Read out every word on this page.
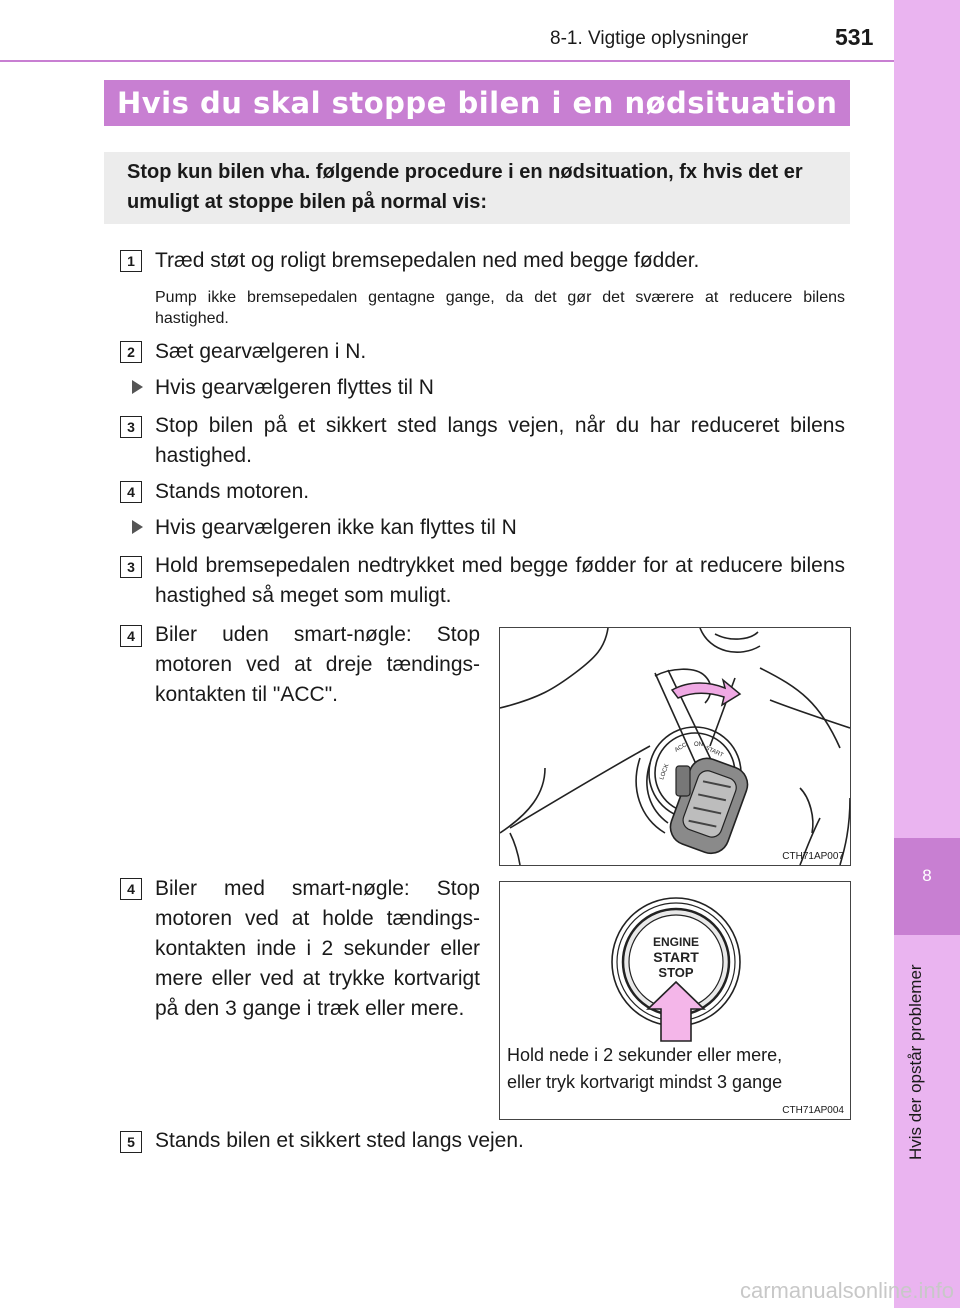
8
Hvis der opstår problemer
8-1. Vigtige oplysninger	531
Hvis du skal stoppe bilen i en nødsituation
Stop kun bilen vha. følgende procedure i en nødsituation, fx hvis det er umuligt at stoppe bilen på normal vis:
1 Træd støt og roligt bremsepedalen ned med begge fødder.
Pump ikke bremsepedalen gentagne gange, da det gør det sværere at reducere bilens hastighed.
2 Sæt gearvælgeren i N.
Hvis gearvælgeren flyttes til N
3 Stop bilen på et sikkert sted langs vejen, når du har reduceret bilens hastighed.
4 Stands motoren.
Hvis gearvælgeren ikke kan flyttes til N
3 Hold bremsepedalen nedtrykket med begge fødder for at reducere bilens hastighed så meget som muligt.
4 Biler uden smart-nøgle: Stop motoren ved at dreje tændings-kontakten til "ACC".
LOCK
ACC ON
START
CTH71AP007
4 Biler med smart-nøgle: Stop motoren ved at holde tændings-kontakten inde i 2 sekunder eller mere eller ved at trykke kortvarigt på den 3 gange i træk eller mere.
ENGINE
START
STOP
Hold nede i 2 sekunder eller mere,
eller tryk kortvarigt mindst 3 gange
CTH71AP004
5 Stands bilen et sikkert sted langs vejen.
carmanualsonline.info
